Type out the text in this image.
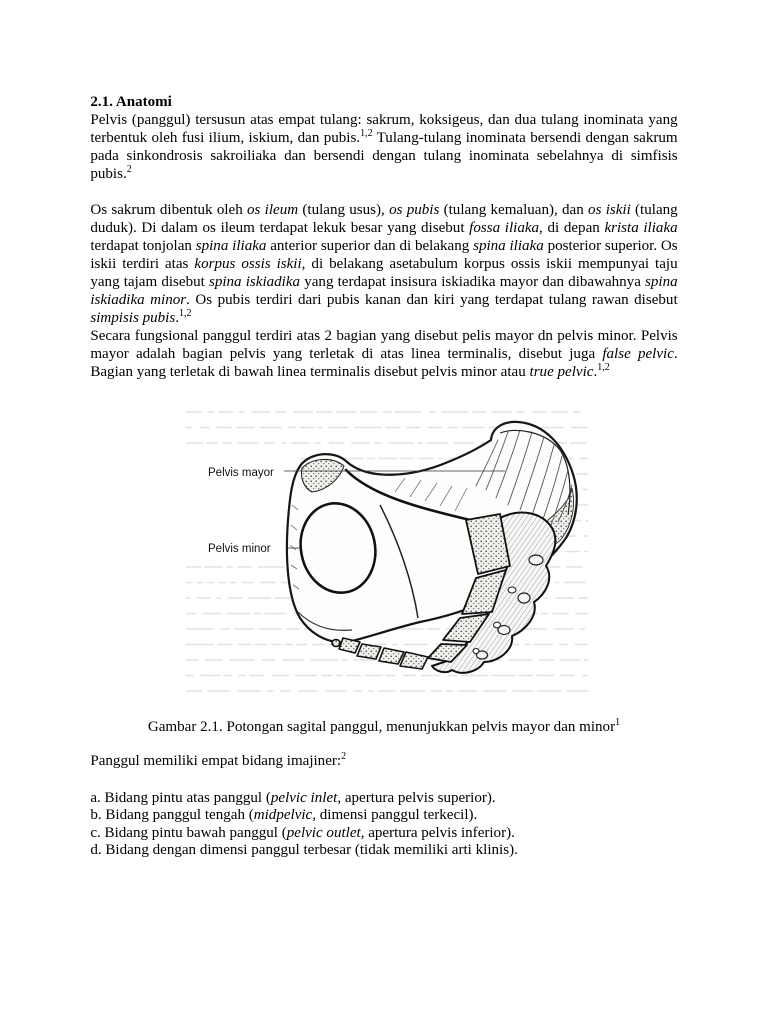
2.1. Anatomi

Pelvis (panggul) tersusun atas empat tulang: sakrum, koksigeus, dan dua tulang inominata yang terbentuk oleh fusi ilium, iskium, dan pubis.$^{1,2}$ Tulang-tulang inominata bersendi dengan sakrum pada sinkondrosis sakroiliaka dan bersendi dengan tulang inominata sebelahnya di simfisis pubis.$^2$

Os sakrum dibentuk oleh os ileum (tulang usus), os pubis (tulang kemaluan), dan os iskii (tulang duduk). Di dalam os ileum terdapat lekuk besar yang disebut fossa iliaka, di depan krista iliaka terdapat tonjolan spina iliaka anterior superior dan di belakang spina iliaka posterior superior. Os iskii terdiri atas korpus ossis iskii, di belakang asetabulum korpus ossis iskii mempunyai taju yang tajam disebut spina iskiadika yang terdapat insisura iskiadika mayor dan dibawahnya spina iskiadika minor. Os pubis terdiri dari pubis kanan dan kiri yang terdapat tulang rawan disebut simpisis pubis.$^{1,2}$

Secara fungsional panggul terdiri atas 2 bagian yang disebut pelis mayor dn pelvis minor. Pelvis mayor adalah bagian pelvis yang terletak di atas linea terminalis, disebut juga false pelvic. Bagian yang terletak di bawah linea terminalis disebut pelvis minor atau true pelvic.$^{1,2}$

Pelvis mayor
Pelvis minor
Gambar 2.1. Potongan sagital panggul, menunjukkan pelvis mayor dan minor$^1$
Panggul memiliki empat bidang imajiner:$^2$
a. Bidang pintu atas panggul (pelvic inlet, apertura pelvis superior).
b. Bidang panggul tengah (midpelvic, dimensi panggul terkecil).
c. Bidang pintu bawah panggul (pelvic outlet, apertura pelvis inferior).
d. Bidang dengan dimensi panggul terbesar (tidak memiliki arti klinis).
